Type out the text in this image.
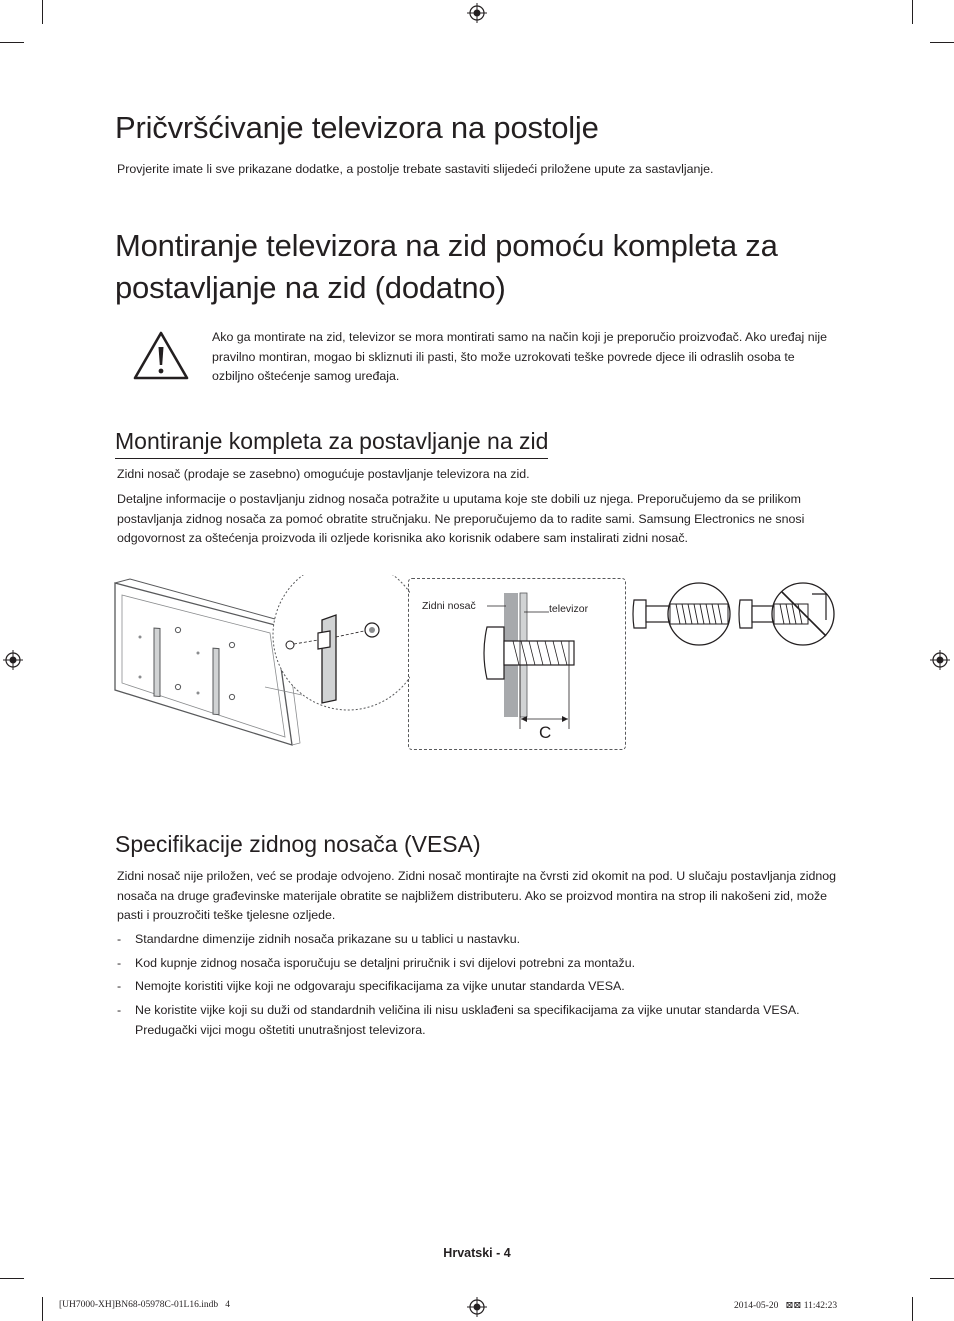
Pričvršćivanje televizora na postolje

Provjerite imate li sve prikazane dodatke, a postolje trebate sastaviti slijedeći priložene upute za sastavljanje.

Montiranje televizora na zid pomoću kompleta za
postavljanje na zid (dodatno)

Ako ga montirate na zid, televizor se mora montirati samo na način koji je preporučio proizvođač. Ako uređaj nije pravilno montiran, mogao bi skliznuti ili pasti, što može uzrokovati teške povrede djece ili odraslih osoba te ozbiljno oštećenje samog uređaja.

Montiranje kompleta za postavljanje na zid

Zidni nosač (prodaje se zasebno) omogućuje postavljanje televizora na zid.

Detaljne informacije o postavljanju zidnog nosača potražite u uputama koje ste dobili uz njega. Preporučujemo da se prilikom postavljanja zidnog nosača za pomoć obratite stručnjaku. Ne preporučujemo da to radite sami. Samsung Electronics ne snosi odgovornost za oštećenja proizvoda ili ozljede korisnika ako korisnik odabere sam instalirati zidni nosač.

Zidni nosač	televizor
C
Specifikacije zidnog nosača (VESA)

Zidni nosač nije priložen, već se prodaje odvojeno. Zidni nosač montirajte na čvrsti zid okomit na pod. U slučaju postavljanja zidnog nosača na druge građevinske materijale obratite se najbližem distributeru. Ako se proizvod montira na strop ili nakošeni zid, može pasti i prouzročiti teške tjelesne ozljede.

- Standardne dimenzije zidnih nosača prikazane su u tablici u nastavku.
- Kod kupnje zidnog nosača isporučuju se detaljni priručnik i svi dijelovi potrebni za montažu.
- Nemojte koristiti vijke koji ne odgovaraju specifikacijama za vijke unutar standarda VESA.
- Ne koristite vijke koji su duži od standardnih veličina ili nisu usklađeni sa specifikacijama za vijke unutar standarda VESA. Predugački vijci mogu oštetiti unutrašnjost televizora.
Hrvatski - 4
[UH7000-XH]BN68-05978C-01L16.indb   4	2014-05-20   ⊠⊠ 11:42:23
